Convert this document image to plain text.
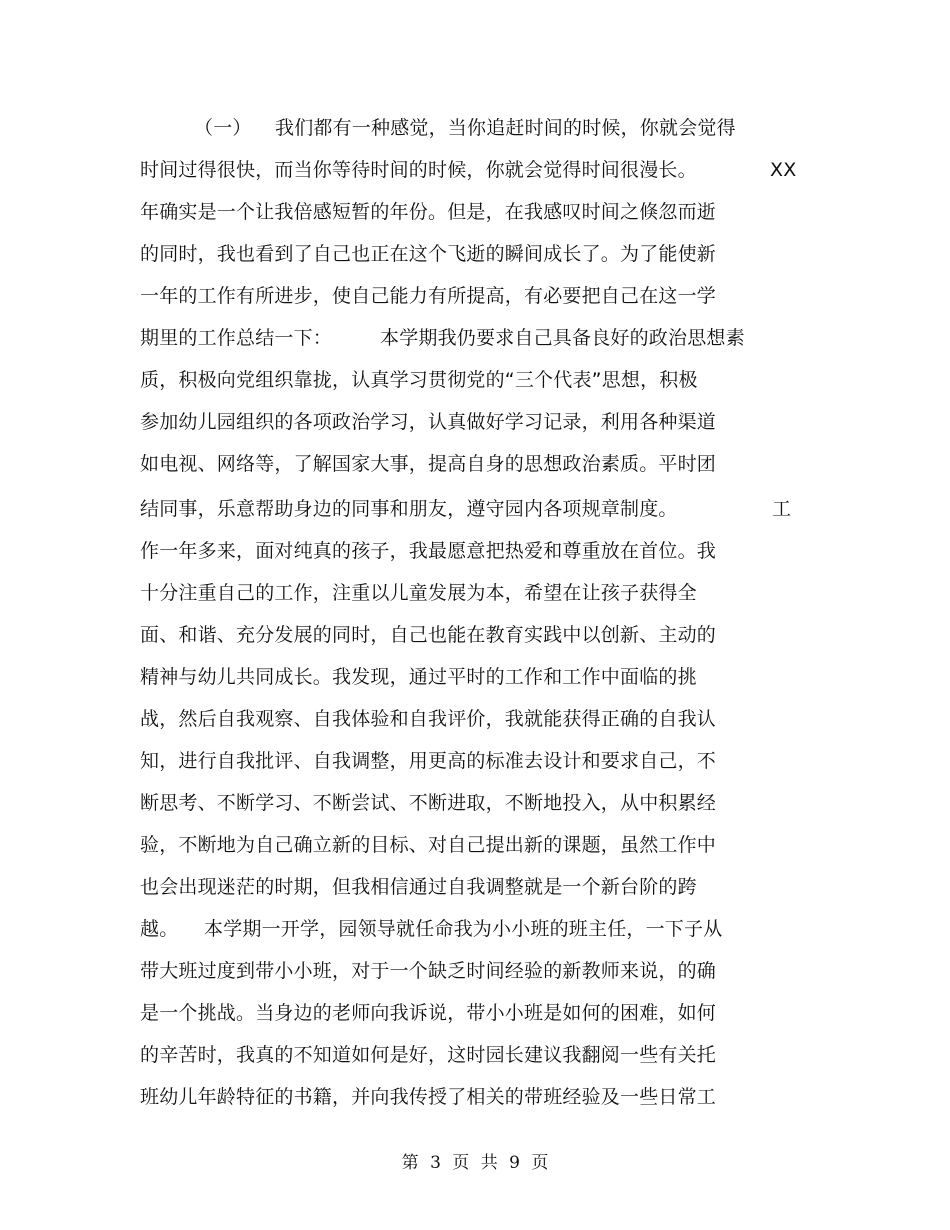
（一） 我们都有一种感觉，当你追赶时间的时候，你就会觉得
时间过得很快，而当你等待时间的时候，你就会觉得时间很漫长。	XX
年确实是一个让我倍感短暂的年份。但是，在我感叹时间之倏忽而逝
的同时，我也看到了自己也正在这个飞逝的瞬间成长了。为了能使新
一年的工作有所进步，使自己能力有所提高，有必要把自己在这一学
期里的工作总结一下：	本学期我仍要求自己具备良好的政治思想素
质，积极向党组织靠拢，认真学习贯彻党的“三个代表”思想，积极
参加幼儿园组织的各项政治学习，认真做好学习记录，利用各种渠道
如电视、网络等，了解国家大事，提高自身的思想政治素质。平时团
结同事，乐意帮助身边的同事和朋友，遵守园内各项规章制度。	工
作一年多来，面对纯真的孩子，我最愿意把热爱和尊重放在首位。我
十分注重自己的工作，注重以儿童发展为本，希望在让孩子获得全
面、和谐、充分发展的同时，自己也能在教育实践中以创新、主动的
精神与幼儿共同成长。我发现，通过平时的工作和工作中面临的挑
战，然后自我观察、自我体验和自我评价，我就能获得正确的自我认
知，进行自我批评、自我调整，用更高的标准去设计和要求自己，不
断思考、不断学习、不断尝试、不断进取，不断地投入，从中积累经
验，不断地为自己确立新的目标、对自己提出新的课题，虽然工作中
也会出现迷茫的时期，但我相信通过自我调整就是一个新台阶的跨
越。 本学期一开学，园领导就任命我为小小班的班主任，一下子从
带大班过度到带小小班，对于一个缺乏时间经验的新教师来说，的确
是一个挑战。当身边的老师向我诉说，带小小班是如何的困难，如何
的辛苦时，我真的不知道如何是好，这时园长建议我翻阅一些有关托
班幼儿年龄特征的书籍，并向我传授了相关的带班经验及一些日常工
第 3 页 共 9 页
